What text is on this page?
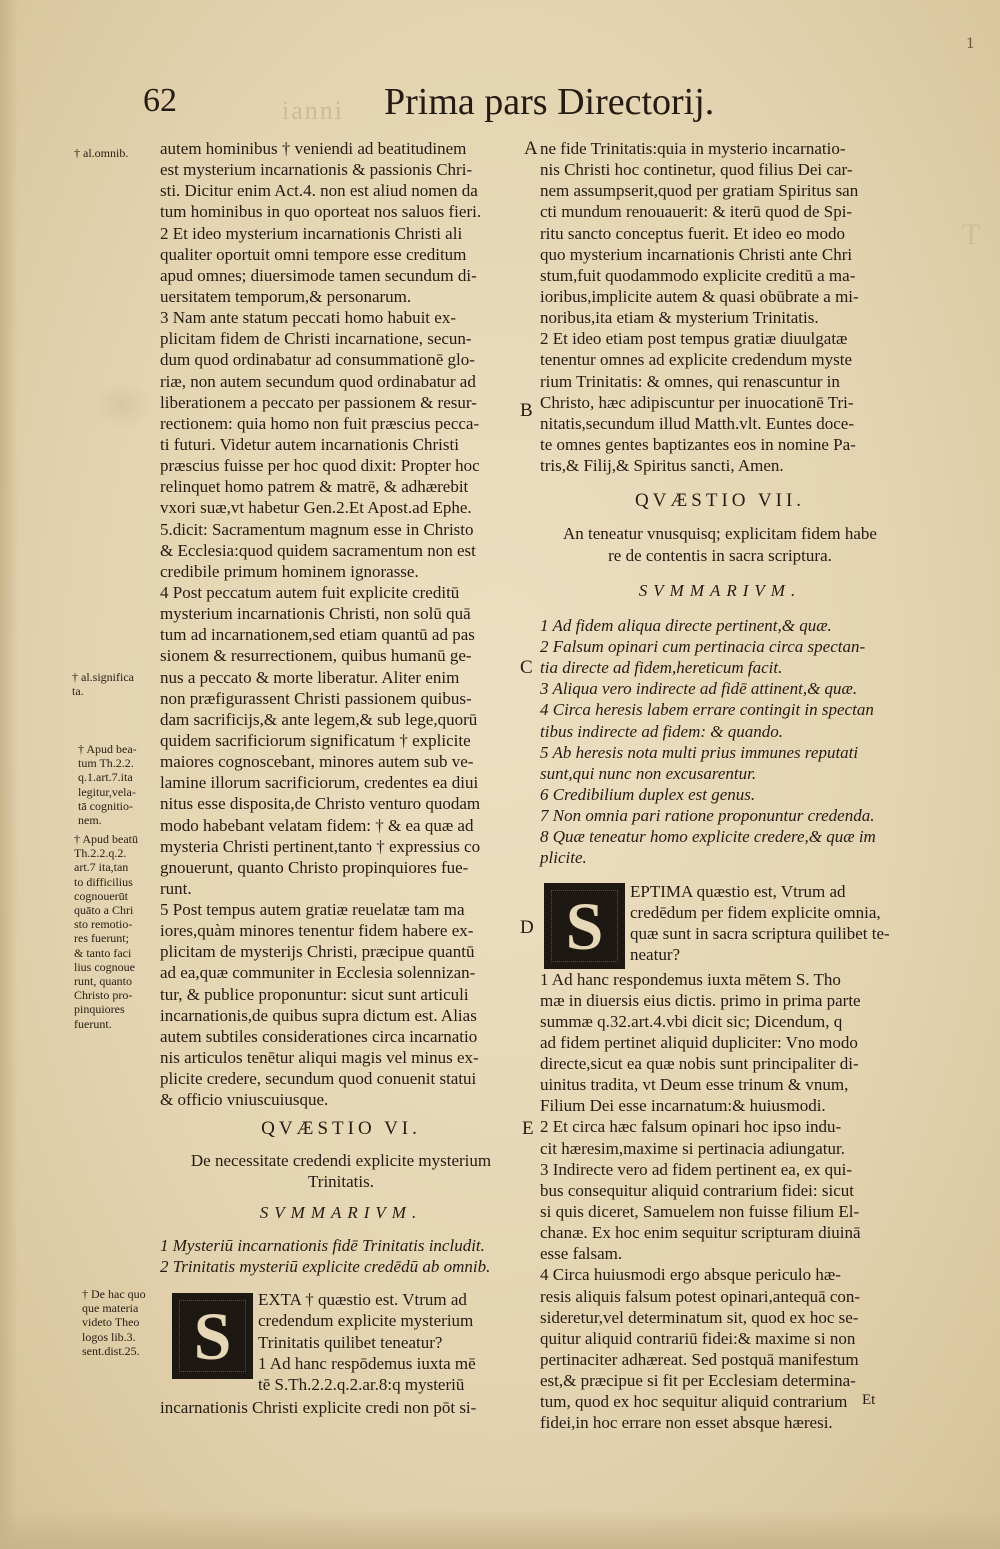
1
T
62	ianni Prima pars Directorij.
autem hominibus † veniendi ad beatitudinem
est mysterium incarnationis & passionis Chri-
sti. Dicitur enim Act.4. non est aliud nomen da
tum hominibus in quo oporteat nos saluos fieri.
2 Et ideo mysterium incarnationis Christi ali
qualiter oportuit omni tempore esse creditum
apud omnes; diuersimode tamen secundum di-
uersitatem temporum,& personarum.
3 Nam ante statum peccati homo habuit ex-
plicitam fidem de Christi incarnatione, secun-
dum quod ordinabatur ad consummationē glo-
riæ, non autem secundum quod ordinabatur ad
liberationem a peccato per passionem & resur-
rectionem: quia homo non fuit præscius pecca-
ti futuri. Videtur autem incarnationis Christi
præscius fuisse per hoc quod dixit: Propter hoc
relinquet homo patrem & matrē, & adhærebit
vxori suæ,vt habetur Gen.2.Et Apost.ad Ephe.
5.dicit: Sacramentum magnum esse in Christo
& Ecclesia:quod quidem sacramentum non est
credibile primum hominem ignorasse.
4 Post peccatum autem fuit explicite creditū
mysterium incarnationis Christi, non solū quā
tum ad incarnationem,sed etiam quantū ad pas
sionem & resurrectionem, quibus humanū ge-
nus a peccato & morte liberatur. Aliter enim
non præfigurassent Christi passionem quibus-
dam sacrificijs,& ante legem,& sub lege,quorū
quidem sacrificiorum significatum † explicite
maiores cognoscebant, minores autem sub ve-
lamine illorum sacrificiorum, credentes ea diui
nitus esse disposita,de Christo venturo quodam
modo habebant velatam fidem: † & ea quæ ad
mysteria Christi pertinent,tanto † expressius co
gnouerunt, quanto Christo propinquiores fue-
runt.
5 Post tempus autem gratiæ reuelatæ tam ma
iores,quàm minores tenentur fidem habere ex-
plicitam de mysterijs Christi, præcipue quantū
ad ea,quæ communiter in Ecclesia solennizan-
tur, & publice proponuntur: sicut sunt articuli
incarnationis,de quibus supra dictum est. Alias
autem subtiles considerationes circa incarnatio
nis articulos tenētur aliqui magis vel minus ex-
plicite credere, secundum quod conuenit statui
& officio vniuscuiusque.
QVÆSTIO VI.
De necessitate credendi explicite mysterium
Trinitatis.
SVMMARIVM.
1 Mysteriū incarnationis fidē Trinitatis includit.
2 Trinitatis mysteriū explicite credēdū ab omnib.
S	EXTA † quæstio est. Vtrum ad
credendum explicite mysterium
Trinitatis quilibet teneatur?
1 Ad hanc respōdemus iuxta mē
tē S.Th.2.2.q.2.ar.8:q mysteriū
incarnationis Christi explicite credi non pōt si-
ne fide Trinitatis:quia in mysterio incarnatio-
nis Christi hoc continetur, quod filius Dei car-
nem assumpserit,quod per gratiam Spiritus san
cti mundum renouauerit: & iterū quod de Spi-
ritu sancto conceptus fuerit. Et ideo eo modo
quo mysterium incarnationis Christi ante Chri
stum,fuit quodammodo explicite creditū a ma-
ioribus,implicite autem & quasi obūbrate a mi-
noribus,ita etiam & mysterium Trinitatis.
2 Et ideo etiam post tempus gratiæ diuulgatæ
tenentur omnes ad explicite credendum myste
rium Trinitatis: & omnes, qui renascuntur in
Christo, hæc adipiscuntur per inuocationē Tri-
nitatis,secundum illud Matth.vlt. Euntes doce-
te omnes gentes baptizantes eos in nomine Pa-
tris,& Filij,& Spiritus sancti, Amen.
QVÆSTIO VII.
An teneatur vnusquisq; explicitam fidem habe
re de contentis in sacra scriptura.
SVMMARIVM.
1 Ad fidem aliqua directe pertinent,& quæ.
2 Falsum opinari cum pertinacia circa spectan-
tia directe ad fidem,hereticum facit.
3 Aliqua vero indirecte ad fidē attinent,& quæ.
4 Circa heresis labem errare contingit in spectan
tibus indirecte ad fidem: & quando.
5 Ab heresis nota multi prius immunes reputati
sunt,qui nunc non excusarentur.
6 Credibilium duplex est genus.
7 Non omnia pari ratione proponuntur credenda.
8 Quæ teneatur homo explicite credere,& quæ im
plicite.
S	EPTIMA quæstio est, Vtrum ad
credēdum per fidem explicite omnia,
quæ sunt in sacra scriptura quilibet te-
neatur?
1 Ad hanc respondemus iuxta mētem S. Tho
mæ in diuersis eius dictis. primo in prima parte
summæ q.32.art.4.vbi dicit sic; Dicendum, q
ad fidem pertinet aliquid dupliciter: Vno modo
directe,sicut ea quæ nobis sunt principaliter di-
uinitus tradita, vt Deum esse trinum & vnum,
Filium Dei esse incarnatum:& huiusmodi.
2 Et circa hæc falsum opinari hoc ipso indu-
cit hæresim,maxime si pertinacia adiungatur.
3 Indirecte vero ad fidem pertinent ea, ex qui-
bus consequitur aliquid contrarium fidei: sicut
si quis diceret, Samuelem non fuisse filium El-
chanæ. Ex hoc enim sequitur scripturam diuinā
esse falsam.
4 Circa huiusmodi ergo absque periculo hæ-
resis aliquis falsum potest opinari,antequā con-
sideretur,vel determinatum sit, quod ex hoc se-
quitur aliquid contrariū fidei:& maxime si non
pertinaciter adhæreat. Sed postquā manifestum
est,& præcipue si fit per Ecclesiam determina-
tum, quod ex hoc sequitur aliquid contrarium
fidei,in hoc errare non esset absque hæresi.
A
B
C
D
E
† al.omnib.
† al.significa
ta.
† Apud bea-
tum Th.2.2.
q.1.art.7.ita
legitur,vela-
tā cognitio-
nem.
† Apud beatū
Th.2.2.q.2.
art.7 ita,tan
to difficilius
cognouerūt
quāto a Chri
sto remotio-
res fuerunt;
& tanto faci
lius cognoue
runt, quanto
Christo pro-
pinquiores
fuerunt.
† De hac quo
que materia
videto Theo
logos lib.3.
sent.dist.25.
Et
